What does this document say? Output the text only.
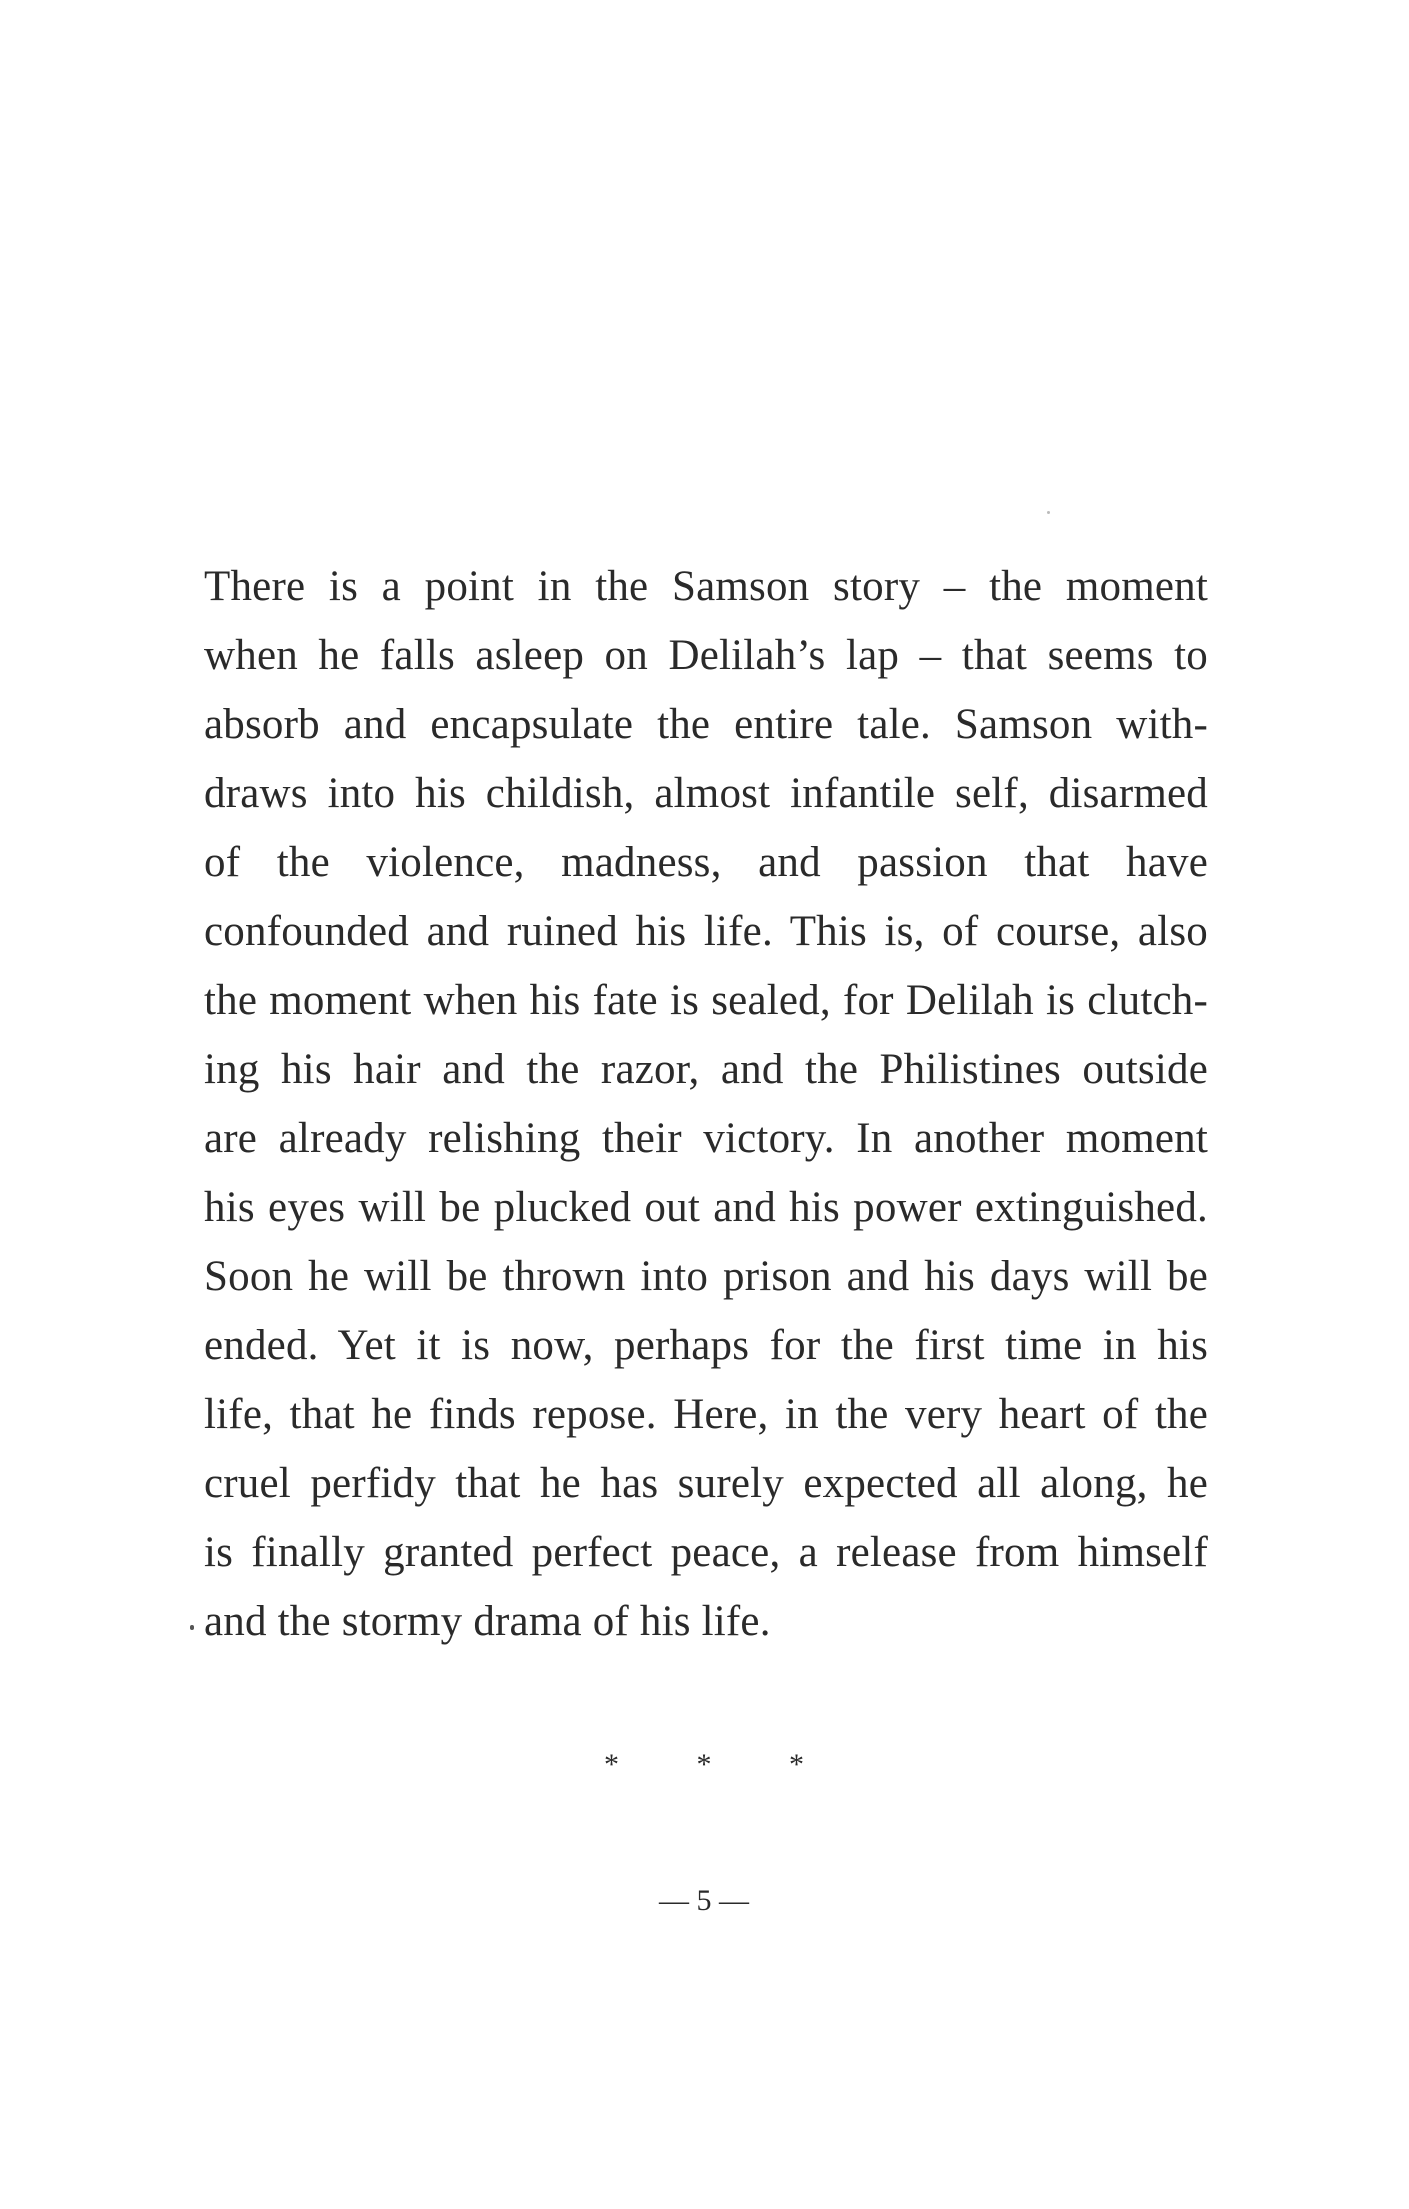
There is a point in the Samson story – the moment
when he falls asleep on Delilah’s lap – that seems to
absorb and encapsulate the entire tale. Samson with-
draws into his childish, almost infantile self, disarmed
of the violence, madness, and passion that have
confounded and ruined his life. This is, of course, also
the moment when his fate is sealed, for Delilah is clutch-
ing his hair and the razor, and the Philistines outside
are already relishing their victory. In another moment
his eyes will be plucked out and his power extinguished.
Soon he will be thrown into prison and his days will be
ended. Yet it is now, perhaps for the first time in his
life, that he finds repose. Here, in the very heart of the
cruel perfidy that he has surely expected all along, he
is finally granted perfect peace, a release from himself
and the stormy drama of his life.
*	*	*
— 5 —
